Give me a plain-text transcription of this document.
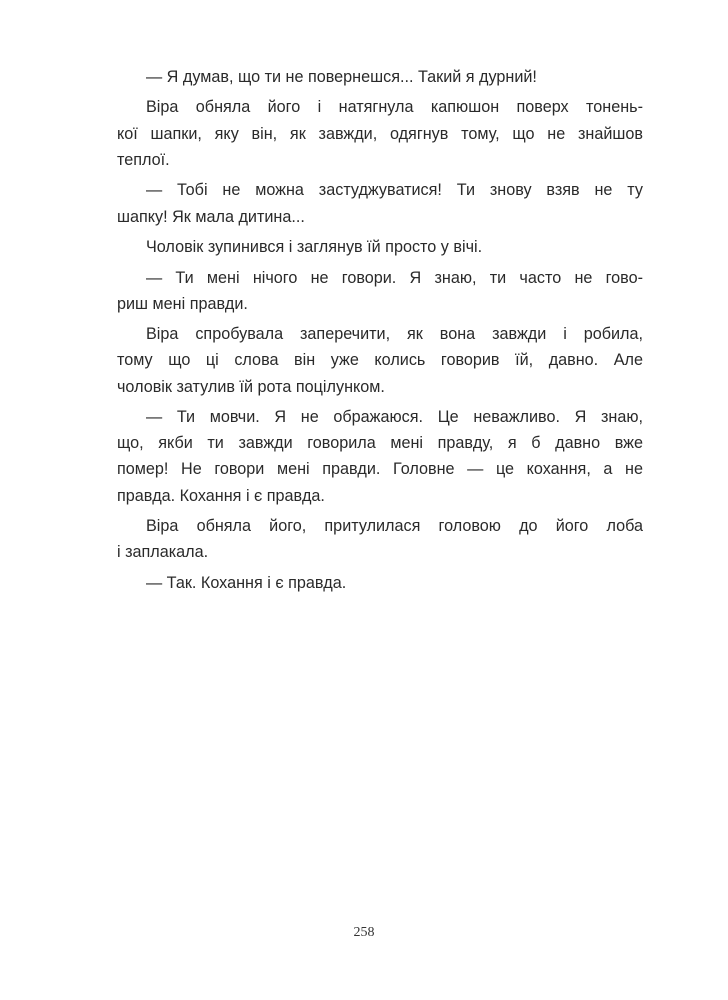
— Я думав, що ти не повернешся... Такий я дурний!
Віра обняла його і натягнула капюшон поверх тонень-
кої шапки, яку він, як завжди, одягнув тому, що не знайшов
теплої.
— Тобі не можна застуджуватися! Ти знову взяв не ту
шапку! Як мала дитина...
Чоловік зупинився і заглянув їй просто у вічі.
— Ти мені нічого не говори. Я знаю, ти часто не гово-
риш мені правди.
Віра спробувала заперечити, як вона завжди і робила,
тому що ці слова він уже колись говорив їй, давно. Але
чоловік затулив їй рота поцілунком.
— Ти мовчи. Я не ображаюся. Це неважливо. Я знаю,
що, якби ти завжди говорила мені правду, я б давно вже
помер! Не говори мені правди. Головне — це кохання, а не
правда. Кохання і є правда.
Віра обняла його, притулилася головою до його лоба
і заплакала.
— Так. Кохання і є правда.
258
